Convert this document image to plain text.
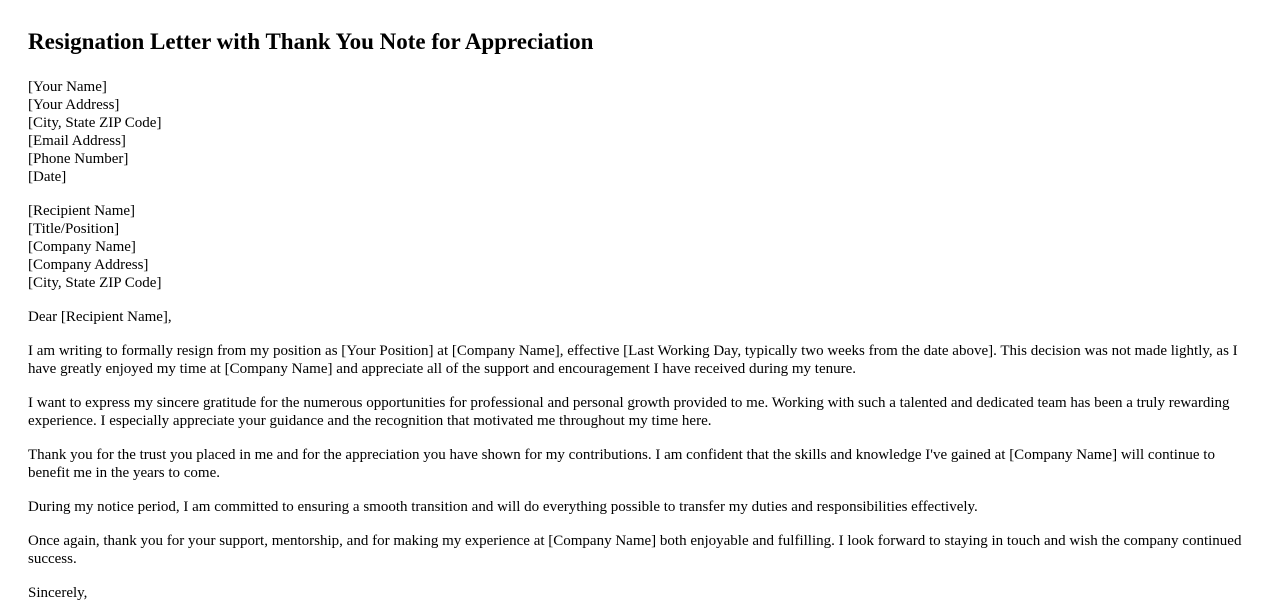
Resignation Letter with Thank You Note for Appreciation
[Your Name]
[Your Address]
[City, State ZIP Code]
[Email Address]
[Phone Number]
[Date]
[Recipient Name]
[Title/Position]
[Company Name]
[Company Address]
[City, State ZIP Code]

Dear [Recipient Name],

I am writing to formally resign from my position as [Your Position] at [Company Name], effective [Last Working Day, typically two weeks from the date above]. This decision was not made lightly, as I have greatly enjoyed my time at [Company Name] and appreciate all of the support and encouragement I have received during my tenure.

I want to express my sincere gratitude for the numerous opportunities for professional and personal growth provided to me. Working with such a talented and dedicated team has been a truly rewarding experience. I especially appreciate your guidance and the recognition that motivated me throughout my time here.

Thank you for the trust you placed in me and for the appreciation you have shown for my contributions. I am confident that the skills and knowledge I've gained at [Company Name] will continue to benefit me in the years to come.

During my notice period, I am committed to ensuring a smooth transition and will do everything possible to transfer my duties and responsibilities effectively.

Once again, thank you for your support, mentorship, and for making my experience at [Company Name] both enjoyable and fulfilling. I look forward to staying in touch and wish the company continued success.

Sincerely,
